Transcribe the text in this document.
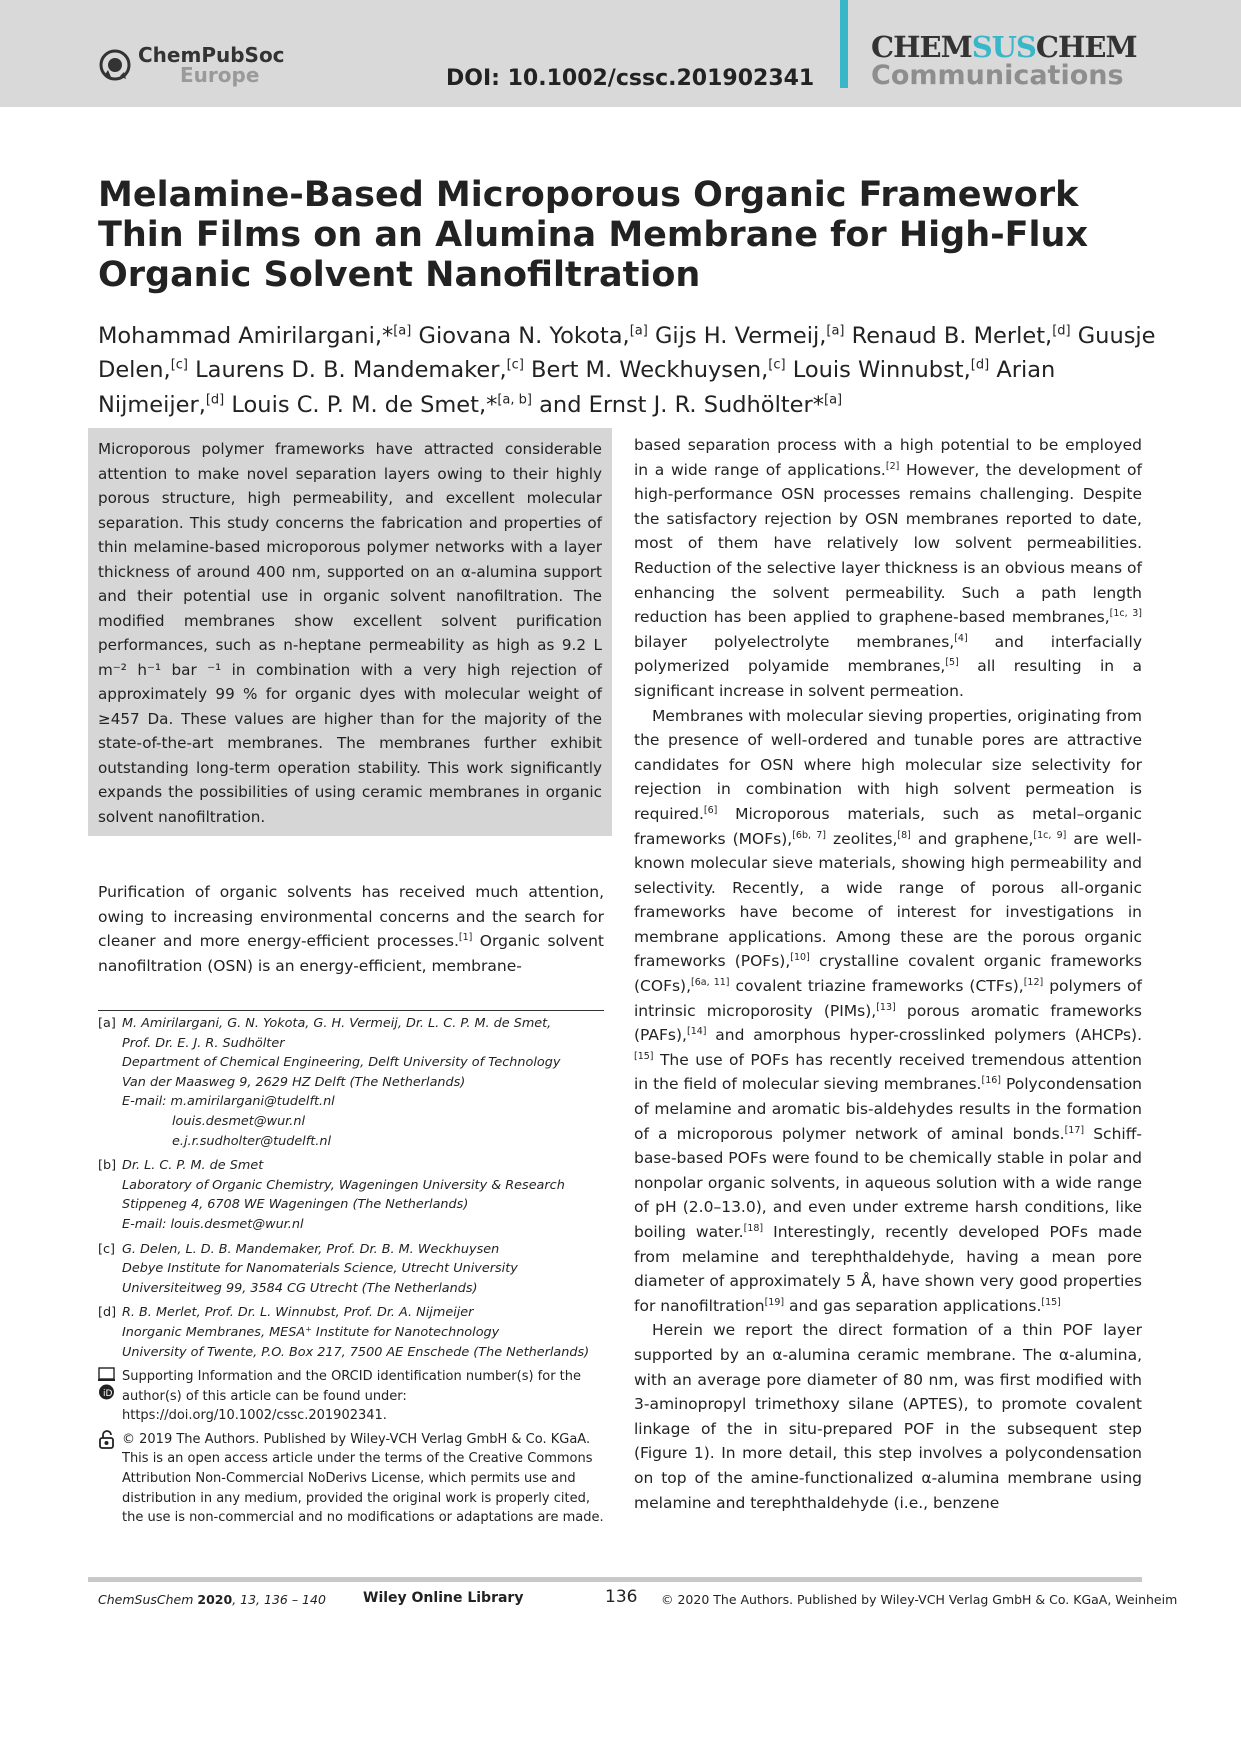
ChemPubSoc
Europe	DOI: 10.1002/cssc.201902341
CHEMSUSCHEM
Communications
Melamine-Based Microporous Organic Framework Thin Films on an Alumina Membrane for High-Flux Organic Solvent Nanofiltration
Mohammad Amirilargani,*[a] Giovana N. Yokota,[a] Gijs H. Vermeij,[a] Renaud B. Merlet,[d] Guusje Delen,[c] Laurens D. B. Mandemaker,[c] Bert M. Weckhuysen,[c] Louis Winnubst,[d] Arian Nijmeijer,[d] Louis C. P. M. de Smet,*[a, b] and Ernst J. R. Sudhölter*[a]

Microporous polymer frameworks have attracted considerable attention to make novel separation layers owing to their highly porous structure, high permeability, and excellent molecular separation. This study concerns the fabrication and properties of thin melamine-based microporous polymer networks with a layer thickness of around 400 nm, supported on an α-alumina support and their potential use in organic solvent nanofiltration. The modified membranes show excellent solvent purification performances, such as n-heptane permeability as high as 9.2 L m⁻² h⁻¹ bar ⁻¹ in combination with a very high rejection of approximately 99 % for organic dyes with molecular weight of ≥457 Da. These values are higher than for the majority of the state-of-the-art membranes. The membranes further exhibit outstanding long-term operation stability. This work significantly expands the possibilities of using ceramic membranes in organic solvent nanofiltration.

Purification of organic solvents has received much attention, owing to increasing environmental concerns and the search for cleaner and more energy-efficient processes.[1] Organic solvent nanofiltration (OSN) is an energy-efficient, membrane-

[a] M. Amirilargani, G. N. Yokota, G. H. Vermeij, Dr. L. C. P. M. de Smet,
Prof. Dr. E. J. R. Sudhölter
Department of Chemical Engineering, Delft University of Technology
Van der Maasweg 9, 2629 HZ Delft (The Netherlands)
E-mail: m.amirilargani@tudelft.nl
louis.desmet@wur.nl
e.j.r.sudholter@tudelft.nl
[b] Dr. L. C. P. M. de Smet
Laboratory of Organic Chemistry, Wageningen University & Research
Stippeneg 4, 6708 WE Wageningen (The Netherlands)
E-mail: louis.desmet@wur.nl
[c] G. Delen, L. D. B. Mandemaker, Prof. Dr. B. M. Weckhuysen
Debye Institute for Nanomaterials Science, Utrecht University
Universiteitweg 99, 3584 CG Utrecht (The Netherlands)
[d] R. B. Merlet, Prof. Dr. L. Winnubst, Prof. Dr. A. Nijmeijer
Inorganic Membranes, MESA⁺ Institute for Nanotechnology
University of Twente, P.O. Box 217, 7500 AE Enschede (The Netherlands)
iD
Supporting Information and the ORCID identification number(s) for the author(s) of this article can be found under: https://doi.org/10.1002/cssc.201902341.
© 2019 The Authors. Published by Wiley-VCH Verlag GmbH & Co. KGaA. This is an open access article under the terms of the Creative Commons Attribution Non-Commercial NoDerivs License, which permits use and distribution in any medium, provided the original work is properly cited, the use is non-commercial and no modifications or adaptations are made.

based separation process with a high potential to be employed in a wide range of applications.[2] However, the development of high-performance OSN processes remains challenging. Despite the satisfactory rejection by OSN membranes reported to date, most of them have relatively low solvent permeabilities. Reduction of the selective layer thickness is an obvious means of enhancing the solvent permeability. Such a path length reduction has been applied to graphene-based membranes,[1c, 3] bilayer polyelectrolyte membranes,[4] and interfacially polymerized polyamide membranes,[5] all resulting in a significant increase in solvent permeation.

Membranes with molecular sieving properties, originating from the presence of well-ordered and tunable pores are attractive candidates for OSN where high molecular size selectivity for rejection in combination with high solvent permeation is required.[6] Microporous materials, such as metal–organic frameworks (MOFs),[6b, 7] zeolites,[8] and graphene,[1c, 9] are well-known molecular sieve materials, showing high permeability and selectivity. Recently, a wide range of porous all-organic frameworks have become of interest for investigations in membrane applications. Among these are the porous organic frameworks (POFs),[10] crystalline covalent organic frameworks (COFs),[6a, 11] covalent triazine frameworks (CTFs),[12] polymers of intrinsic microporosity (PIMs),[13] porous aromatic frameworks (PAFs),[14] and amorphous hyper-crosslinked polymers (AHCPs).[15] The use of POFs has recently received tremendous attention in the field of molecular sieving membranes.[16] Polycondensation of melamine and aromatic bis-aldehydes results in the formation of a microporous polymer network of aminal bonds.[17] Schiff-base-based POFs were found to be chemically stable in polar and nonpolar organic solvents, in aqueous solution with a wide range of pH (2.0–13.0), and even under extreme harsh conditions, like boiling water.[18] Interestingly, recently developed POFs made from melamine and terephthaldehyde, having a mean pore diameter of approximately 5 Å, have shown very good properties for nanofiltration[19] and gas separation applications.[15]

Herein we report the direct formation of a thin POF layer supported by an α-alumina ceramic membrane. The α-alumina, with an average pore diameter of 80 nm, was first modified with 3-aminopropyl trimethoxy silane (APTES), to promote covalent linkage of the in situ-prepared POF in the subsequent step (Figure 1). In more detail, this step involves a polycondensation on top of the amine-functionalized α-alumina membrane using melamine and terephthaldehyde (i.e., benzene

ChemSusChem 2020, 13, 136 – 140	Wiley Online Library	136 © 2020 The Authors. Published by Wiley-VCH Verlag GmbH & Co. KGaA, Weinheim
